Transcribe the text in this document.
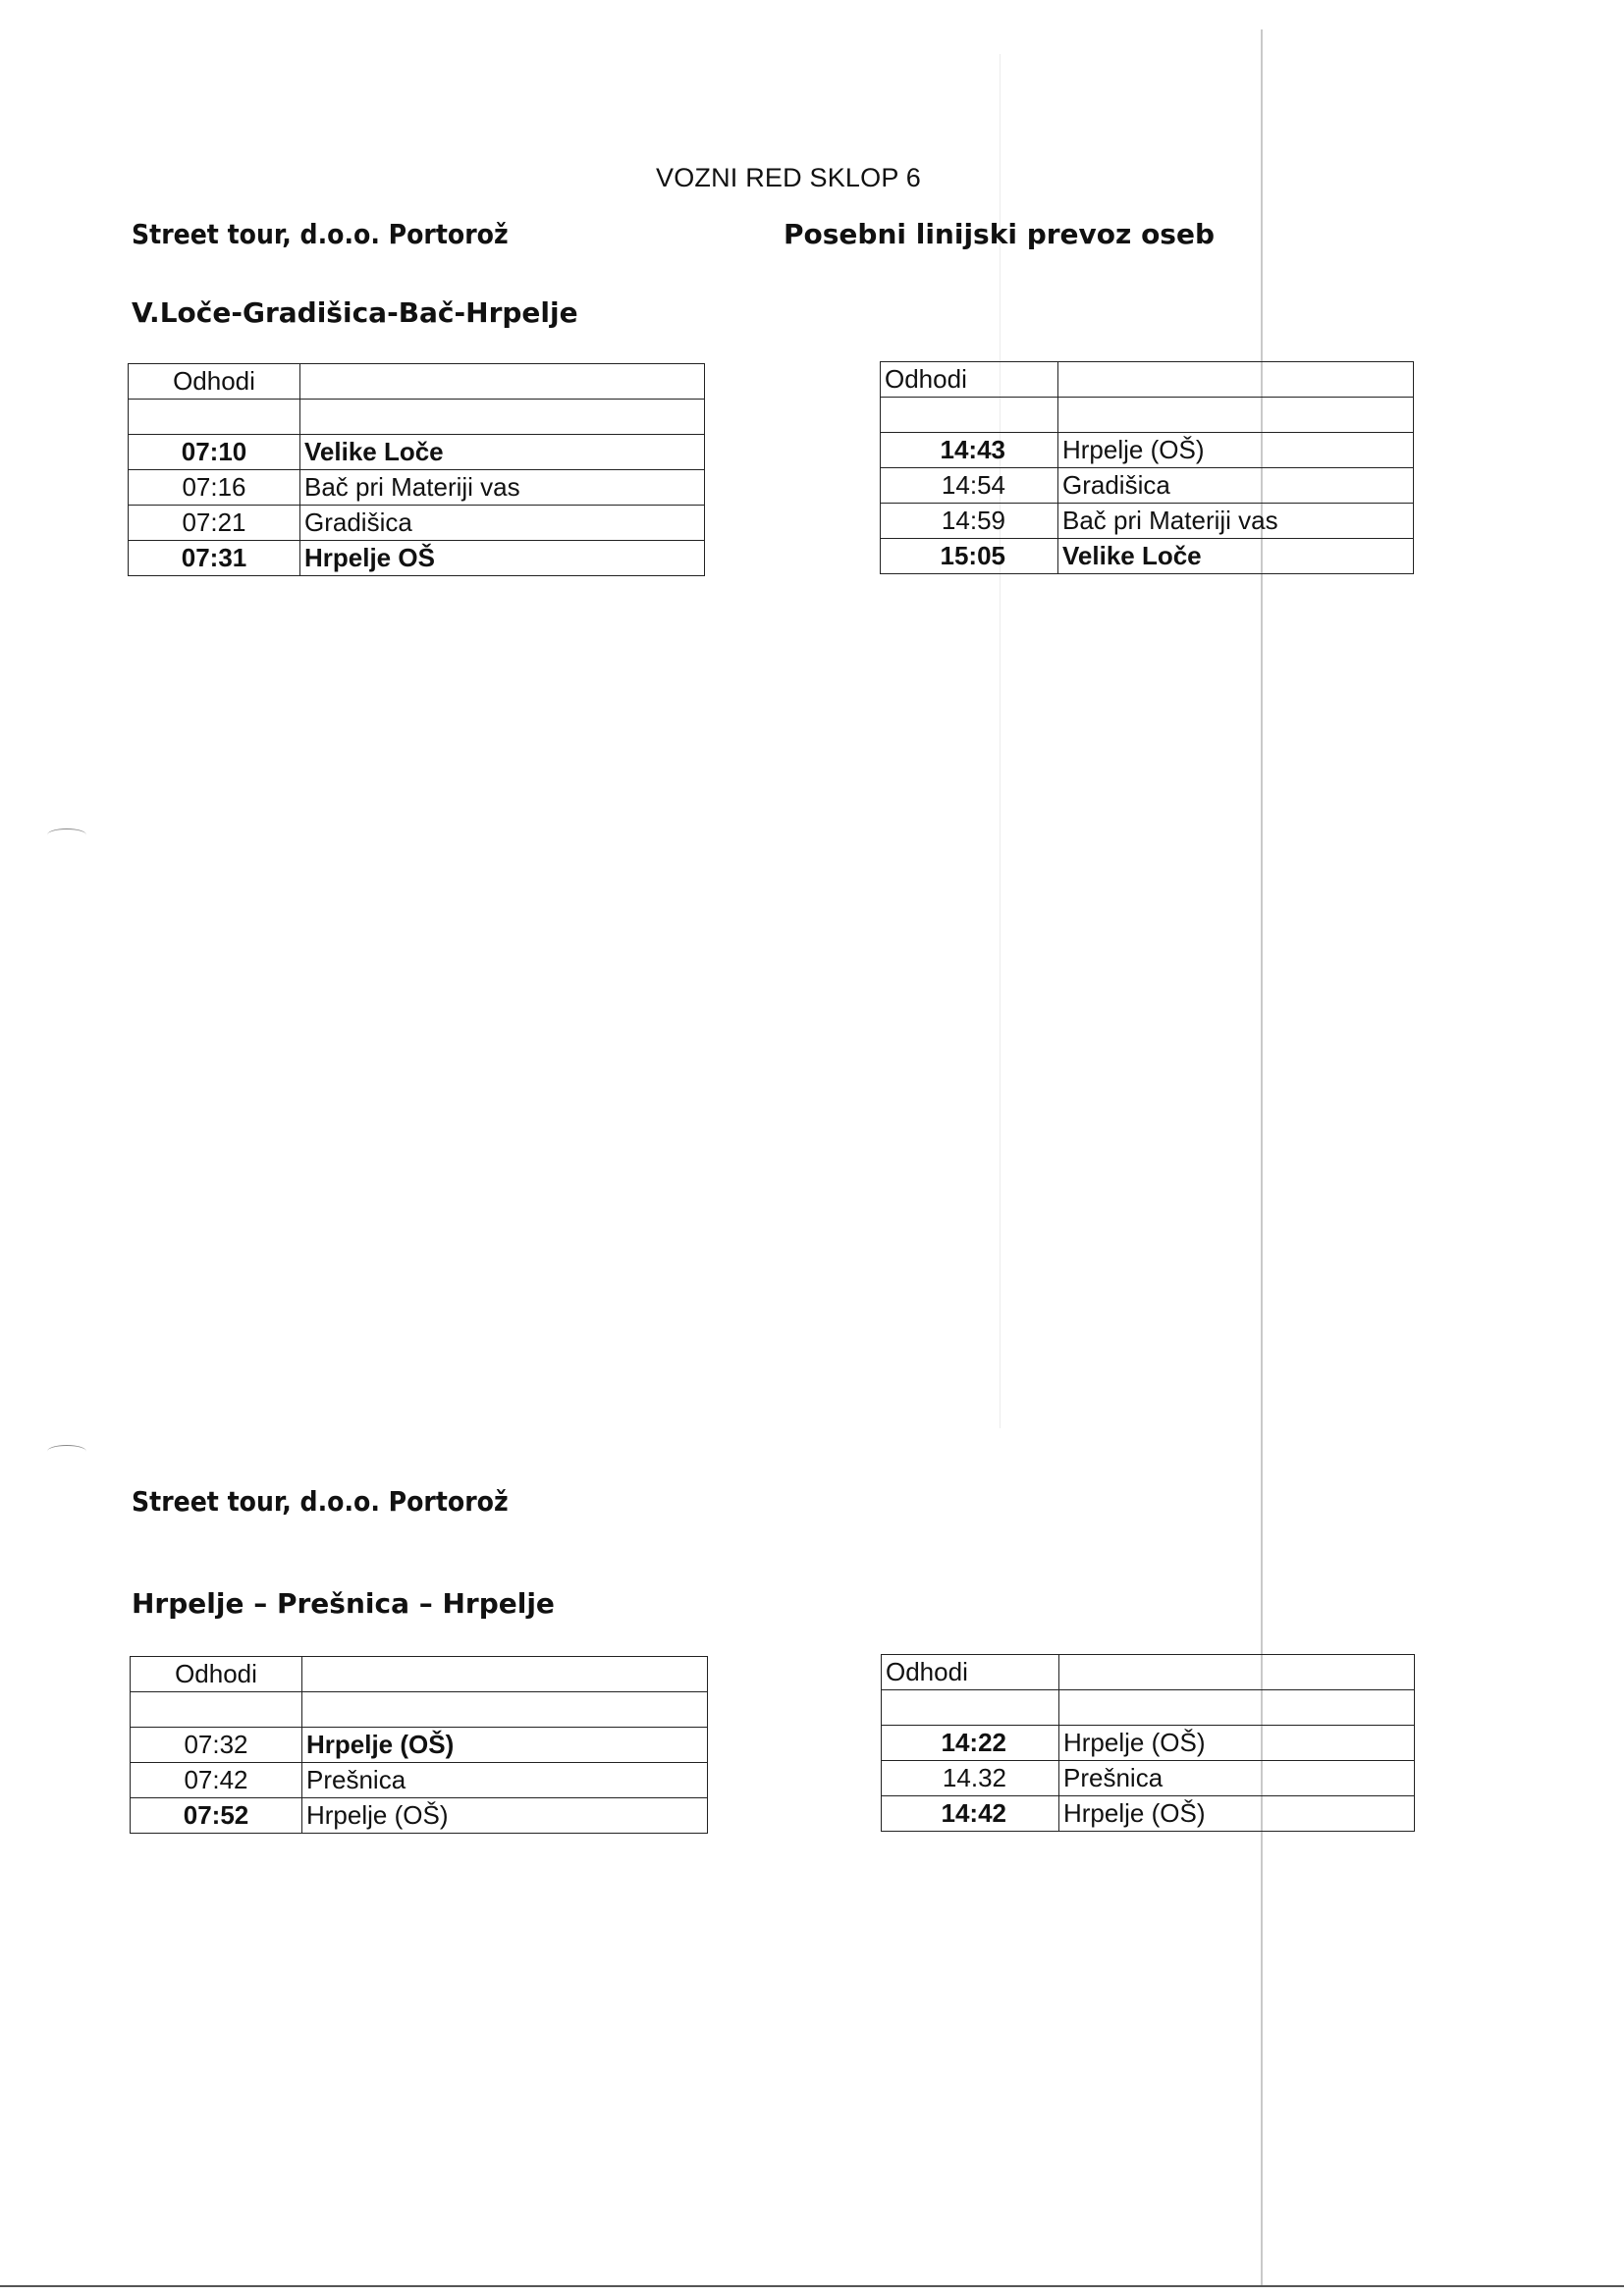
VOZNI RED SKLOP 6
Street tour, d.o.o. Portorož	Posebni linijski prevoz oseb
V.Loče-Gradišica-Bač-Hrpelje
Odhodi	

07:10	Velike Loče
07:16	Bač pri Materiji vas
07:21	Gradišica
07:31	Hrpelje OŠ
Odhodi	

14:43	Hrpelje (OŠ)
14:54	Gradišica
14:59	Bač pri Materiji vas
15:05	Velike Loče
Street tour, d.o.o. Portorož
Hrpelje – Prešnica – Hrpelje
Odhodi	

07:32	Hrpelje (OŠ)
07:42	Prešnica
07:52	Hrpelje (OŠ)
Odhodi	

14:22	Hrpelje (OŠ)
14.32	Prešnica
14:42	Hrpelje (OŠ)
